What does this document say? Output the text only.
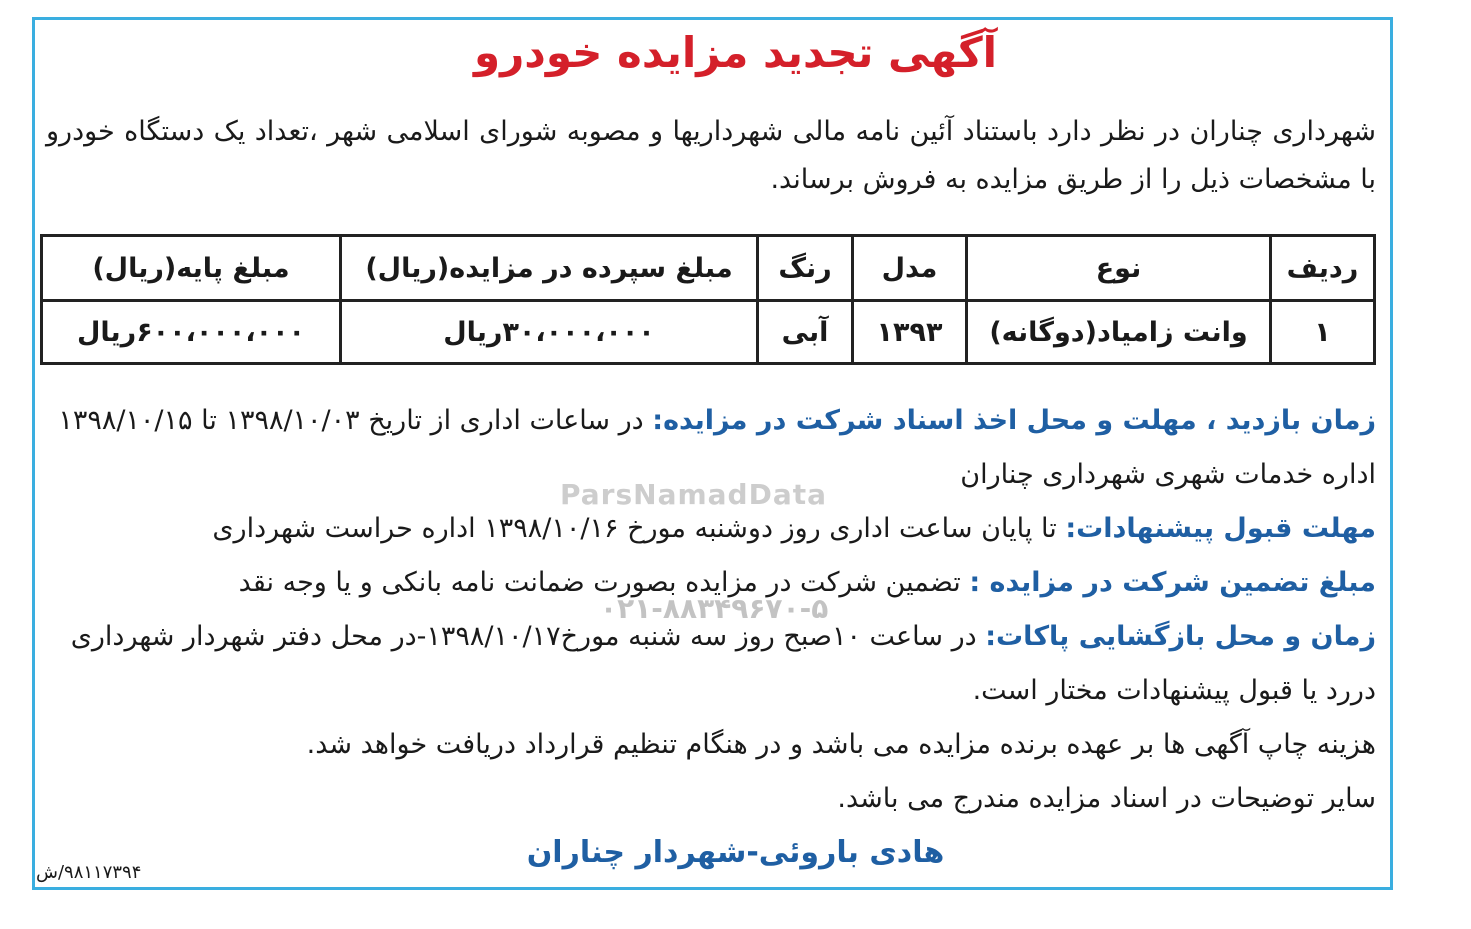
آگهی تجدید مزایده خودرو
شهرداری چناران در نظر دارد باستناد آئین نامه مالی شهرداریها و مصوبه شورای اسلامی شهر ،تعداد یک دستگاه خودرو با مشخصات ذیل را از طریق مزایده به فروش برساند.
ردیف	نوع	مدل	رنگ	مبلغ سپرده در مزایده(ریال)	مبلغ پایه(ریال)
۱	وانت زامیاد(دوگانه)	۱۳۹۳	آبی	۳۰،۰۰۰،۰۰۰ریال	۶۰۰،۰۰۰،۰۰۰ریال
ParsNamadData
۰۲۱-۸۸۳۴۹۶۷۰-۵

زمان بازدید ، مهلت و محل اخذ اسناد شرکت در مزایده: در ساعات اداری از تاریخ ۱۳۹۸/۱۰/۰۳ تا ۱۳۹۸/۱۰/۱۵ اداره خدمات شهری شهرداری چناران

مهلت قبول پیشنهادات: تا پایان ساعت اداری روز دوشنبه مورخ ۱۳۹۸/۱۰/۱۶ اداره حراست شهرداری

مبلغ تضمین شرکت در مزایده : تضمین شرکت در مزایده بصورت ضمانت نامه بانکی و یا وجه نقد

زمان و محل بازگشایی پاکات: در ساعت ۱۰صبح روز سه شنبه مورخ۱۳۹۸/۱۰/۱۷-در محل دفتر شهردار شهرداری دررد یا قبول پیشنهادات مختار است.

هزینه چاپ آگهی ها بر عهده برنده مزایده می باشد و در هنگام تنظیم قرارداد دریافت خواهد شد.

سایر توضیحات در اسناد مزایده مندرج می باشد.

هادی باروئی-شهردار چناران
۹۸۱۱۷۳۹۴/ش
